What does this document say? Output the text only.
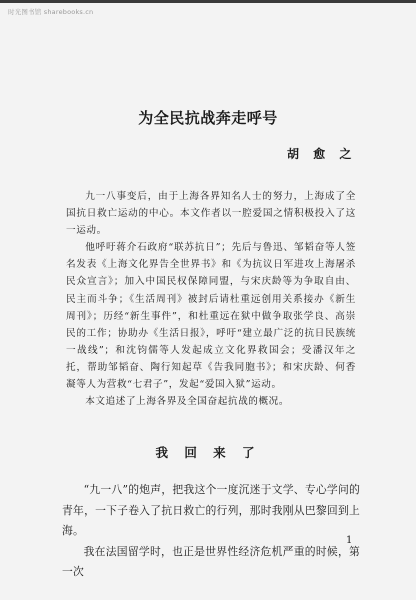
时光图书馆 sharebooks.cn
为全民抗战奔走呼号
胡 愈 之

九一八事变后，由于上海各界知名人士的努力，上海成了全国抗日救亡运动的中心。本文作者以一腔爱国之情积极投入了这一运动。

他呼吁蒋介石政府“联苏抗日”；先后与鲁迅、邹韬奋等人签名发表《上海文化界告全世界书》和《为抗议日军进攻上海屠杀民众宣言》；加入中国民权保障同盟，与宋庆龄等为争取自由、民主而斗争；《生活周刊》被封后请杜重远创用关系接办《新生周刊》；历经“新生事件”，和杜重远在狱中做争取张学良、高崇民的工作；协助办《生活日报》，呼吁“建立最广泛的抗日民族统一战线”；和沈钧儒等人发起成立文化界救国会；受潘汉年之托，帮助邹韬奋、陶行知起草《告我同胞书》；和宋庆龄、何香凝等人为营救“七君子”，发起“爱国入狱”运动。

本文追述了上海各界及全国奋起抗战的概况。

我 回 来 了

“九一八”的炮声，把我这个一度沉迷于文学、专心学问的青年，一下子卷入了抗日救亡的行列，那时我刚从巴黎回到上海。

我在法国留学时，也正是世界性经济危机严重的时候，第一次

1
